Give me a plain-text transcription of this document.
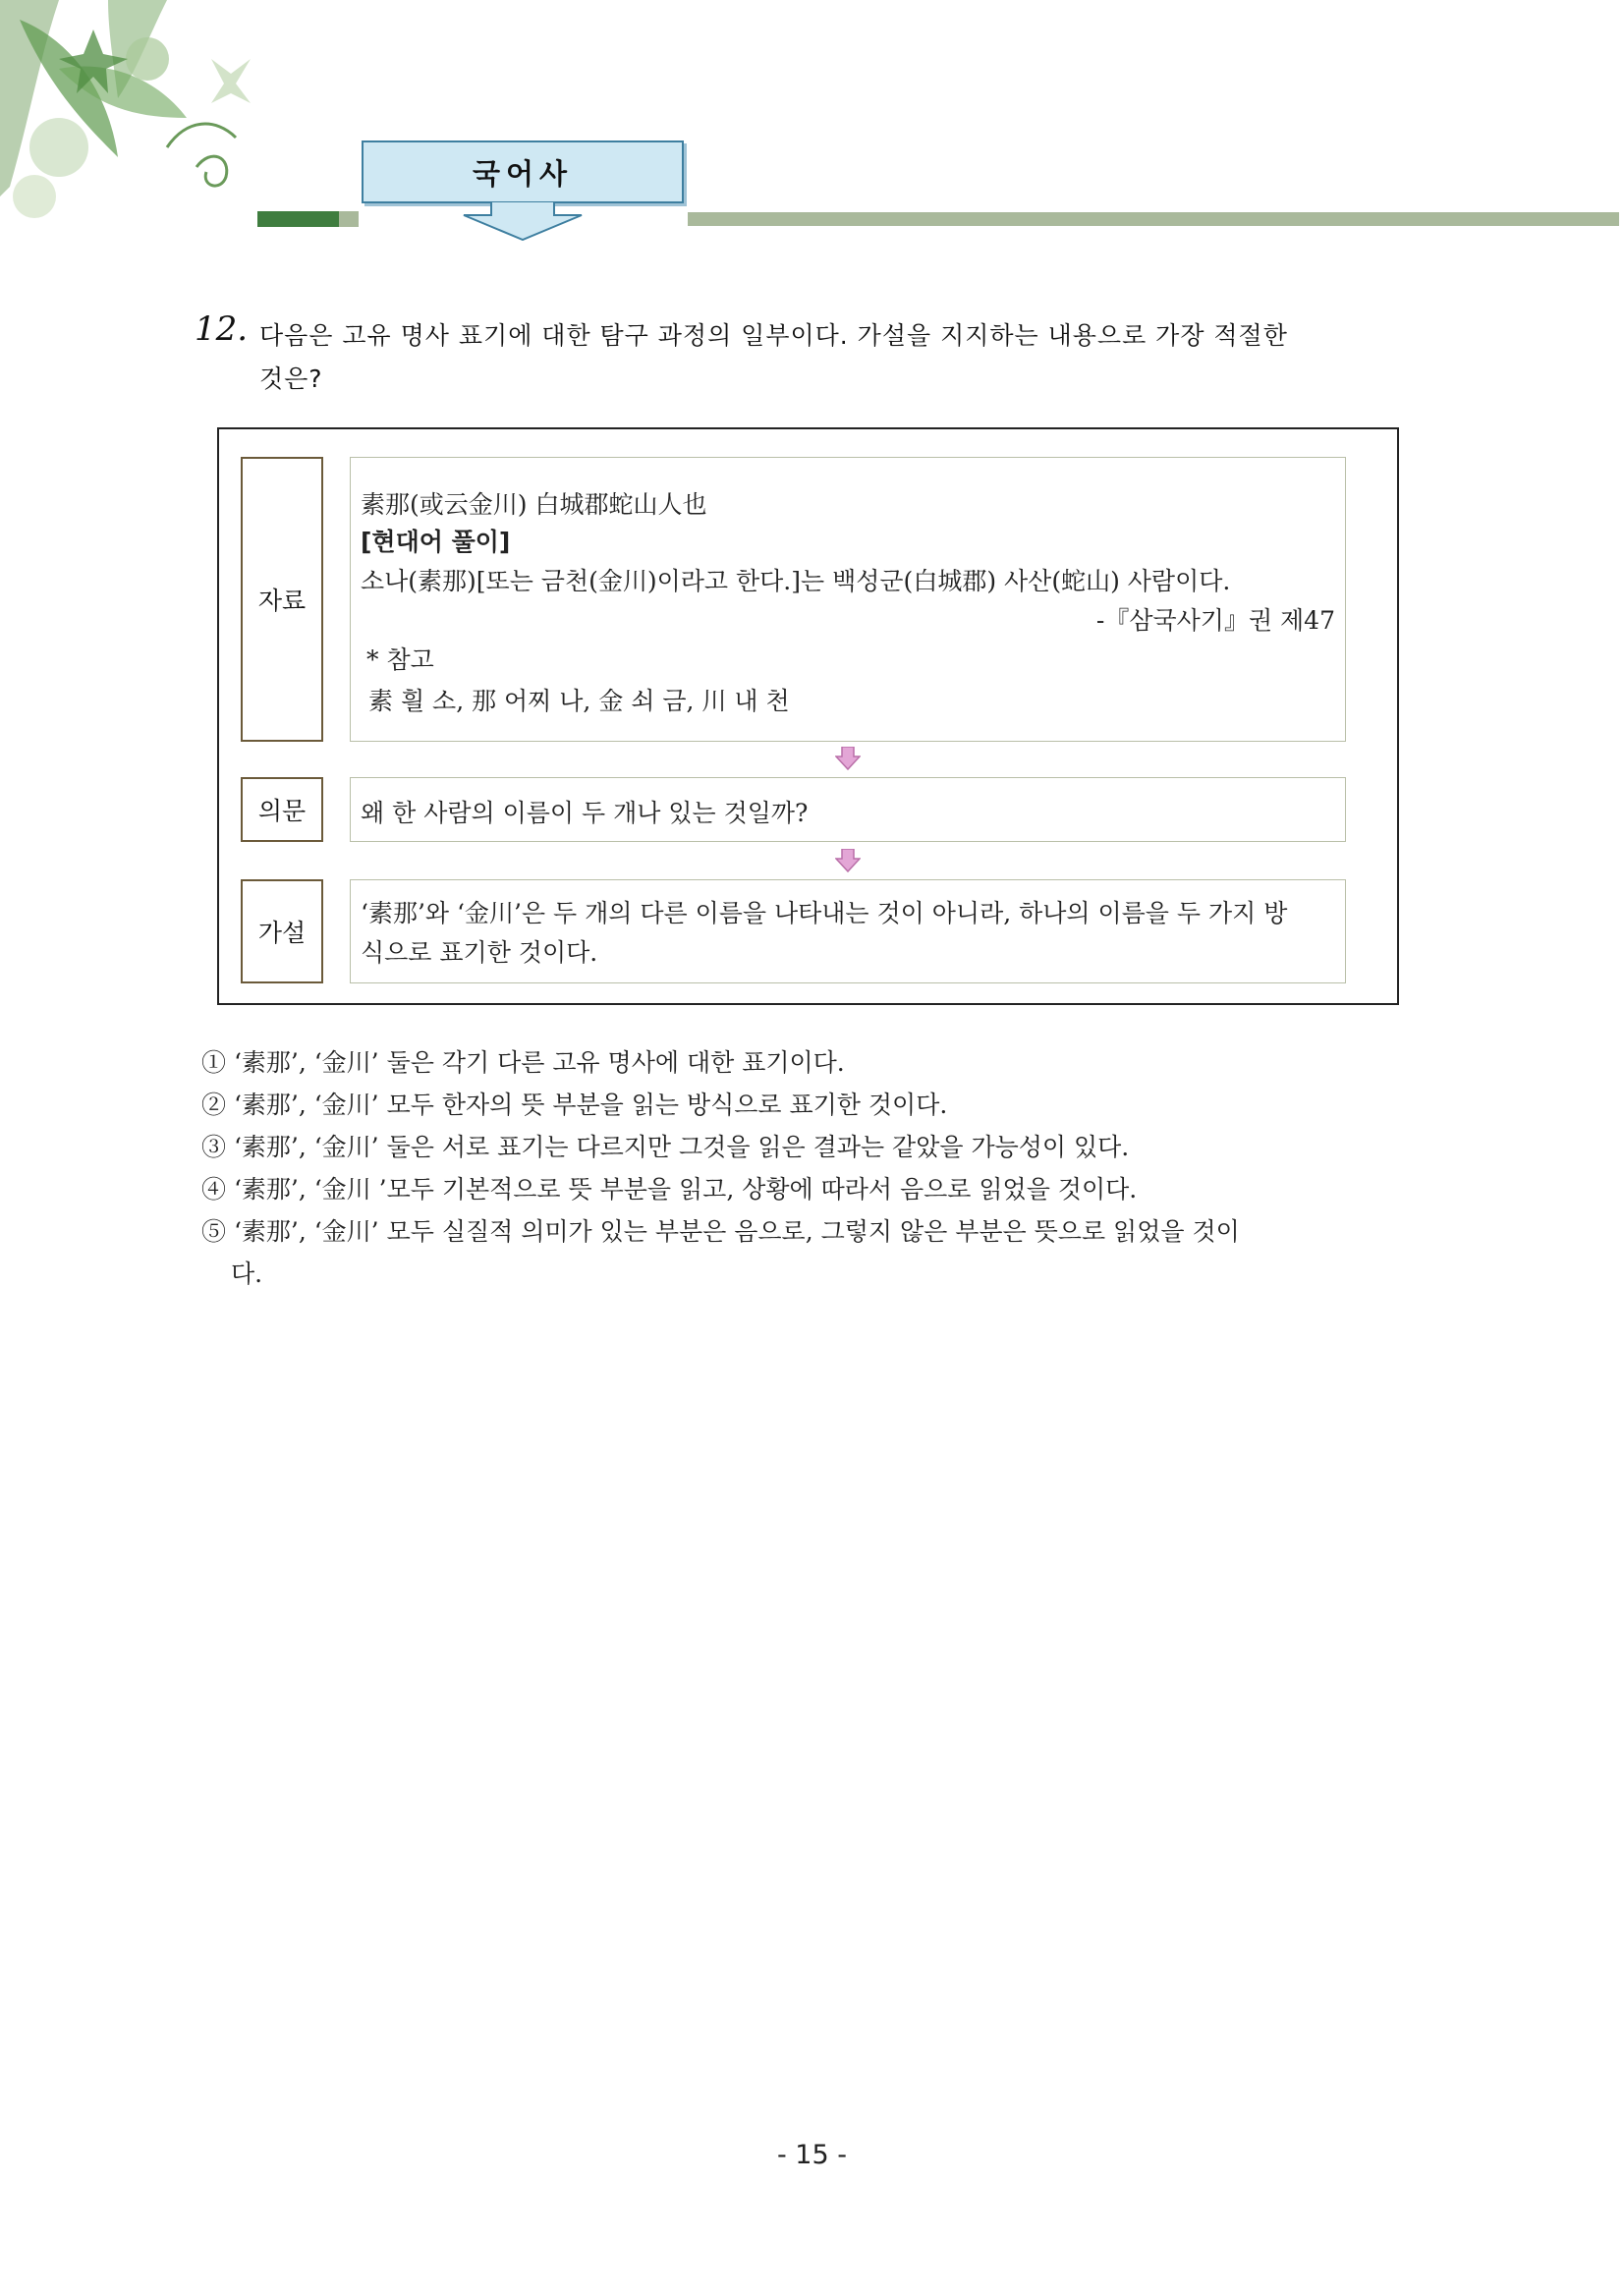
국어사
12. 다음은 고유 명사 표기에 대한 탐구 과정의 일부이다. 가설을 지지하는 내용으로 가장 적절한
것은?
자료
素那(或云金川) 白城郡蛇山人也
[현대어 풀이]
소나(素那)[또는 금천(金川)이라고 한다.]는 백성군(白城郡) 사산(蛇山) 사람이다.
-『삼국사기』권 제47
* 참고
素 흴 소, 那 어찌 나, 金 쇠 금, 川 내 천
의문 왜 한 사람의 이름이 두 개나 있는 것일까?
가설
‘素那’와 ‘金川’은 두 개의 다른 이름을 나타내는 것이 아니라, 하나의 이름을 두 가지 방
식으로 표기한 것이다.
① ‘素那’, ‘金川’ 둘은 각기 다른 고유 명사에 대한 표기이다.
② ‘素那’, ‘金川’ 모두 한자의 뜻 부분을 읽는 방식으로 표기한 것이다.
③ ‘素那’, ‘金川’ 둘은 서로 표기는 다르지만 그것을 읽은 결과는 같았을 가능성이 있다.
④ ‘素那’, ‘金川 ’모두 기본적으로 뜻 부분을 읽고, 상황에 따라서 음으로 읽었을 것이다.
⑤ ‘素那’, ‘金川’ 모두 실질적 의미가 있는 부분은 음으로, 그렇지 않은 부분은 뜻으로 읽었을 것이
다.
- 15 -
